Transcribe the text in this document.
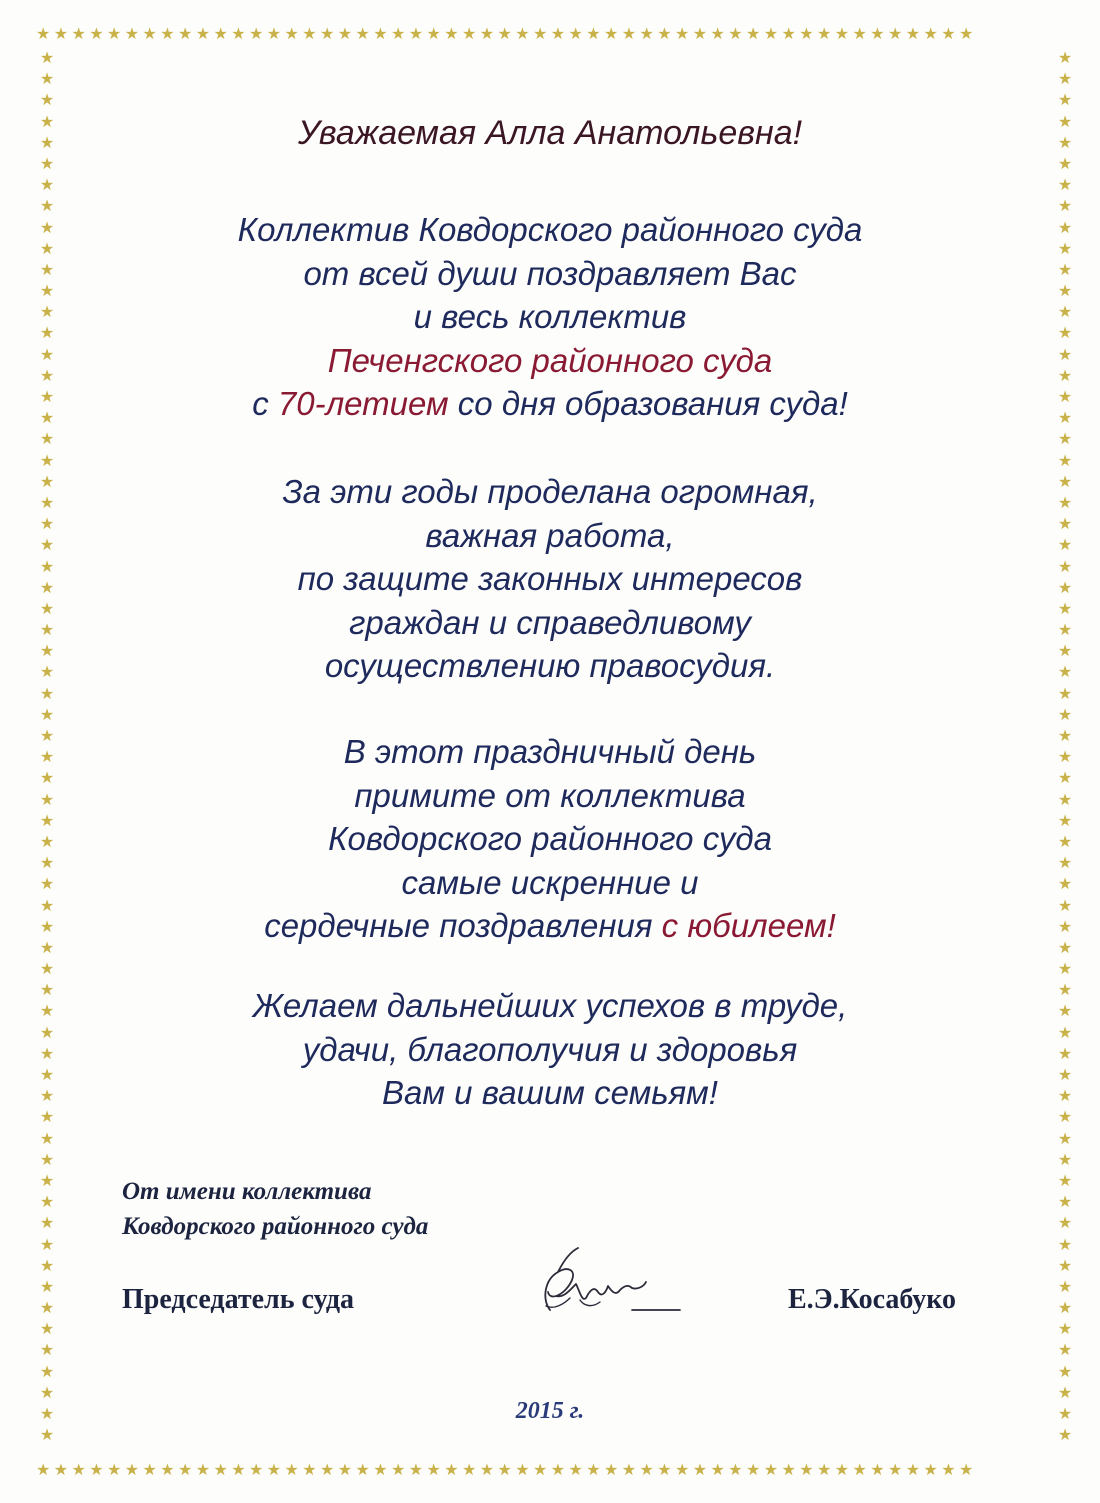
★★★★★★★★★★★★★★★★★★★★★★★★★★★★★★★★★★★★★★★★★★★★★★★★★★★★★
★★★★★★★★★★★★★★★★★★★★★★★★★★★★★★★★★★★★★★★★★★★★★★★★★★★★★
★
★
★
★
★
★
★
★
★
★
★
★
★
★
★
★
★
★
★
★
★
★
★
★
★
★
★
★
★
★
★
★
★
★
★
★
★
★
★
★
★
★
★
★
★
★
★
★
★
★
★
★
★
★
★
★
★
★
★
★
★
★
★
★
★
★
★
★
★
★
★
★
★
★
★
★
★
★
★
★
★
★
★
★
★
★
★
★
★
★
★
★
★
★
★
★
★
★
★
★
★
★
★
★
★
★
★
★
★
★
★
★
★
★
★
★
★
★
★
★
★
★
★
★
★
★
★
★
★
★
★
★
Уважаемая Алла Анатольевна!
Коллектив Ковдорского районного суда
от всей души поздравляет Вас
и весь коллектив
Печенгского районного суда
с 70-летием со дня образования суда!
За эти годы проделана огромная,
важная работа,
по защите законных интересов
граждан и справедливому
осуществлению правосудия.
В этот праздничный день
примите от коллектива
Ковдорского районного суда
самые искренние и
сердечные поздравления с юбилеем!
Желаем дальнейших успехов в труде,
удачи, благополучия и здоровья
Вам и вашим семьям!
От имени коллектива
Ковдорского районного суда
Председатель суда	Е.Э.Косабуко
2015 г.
